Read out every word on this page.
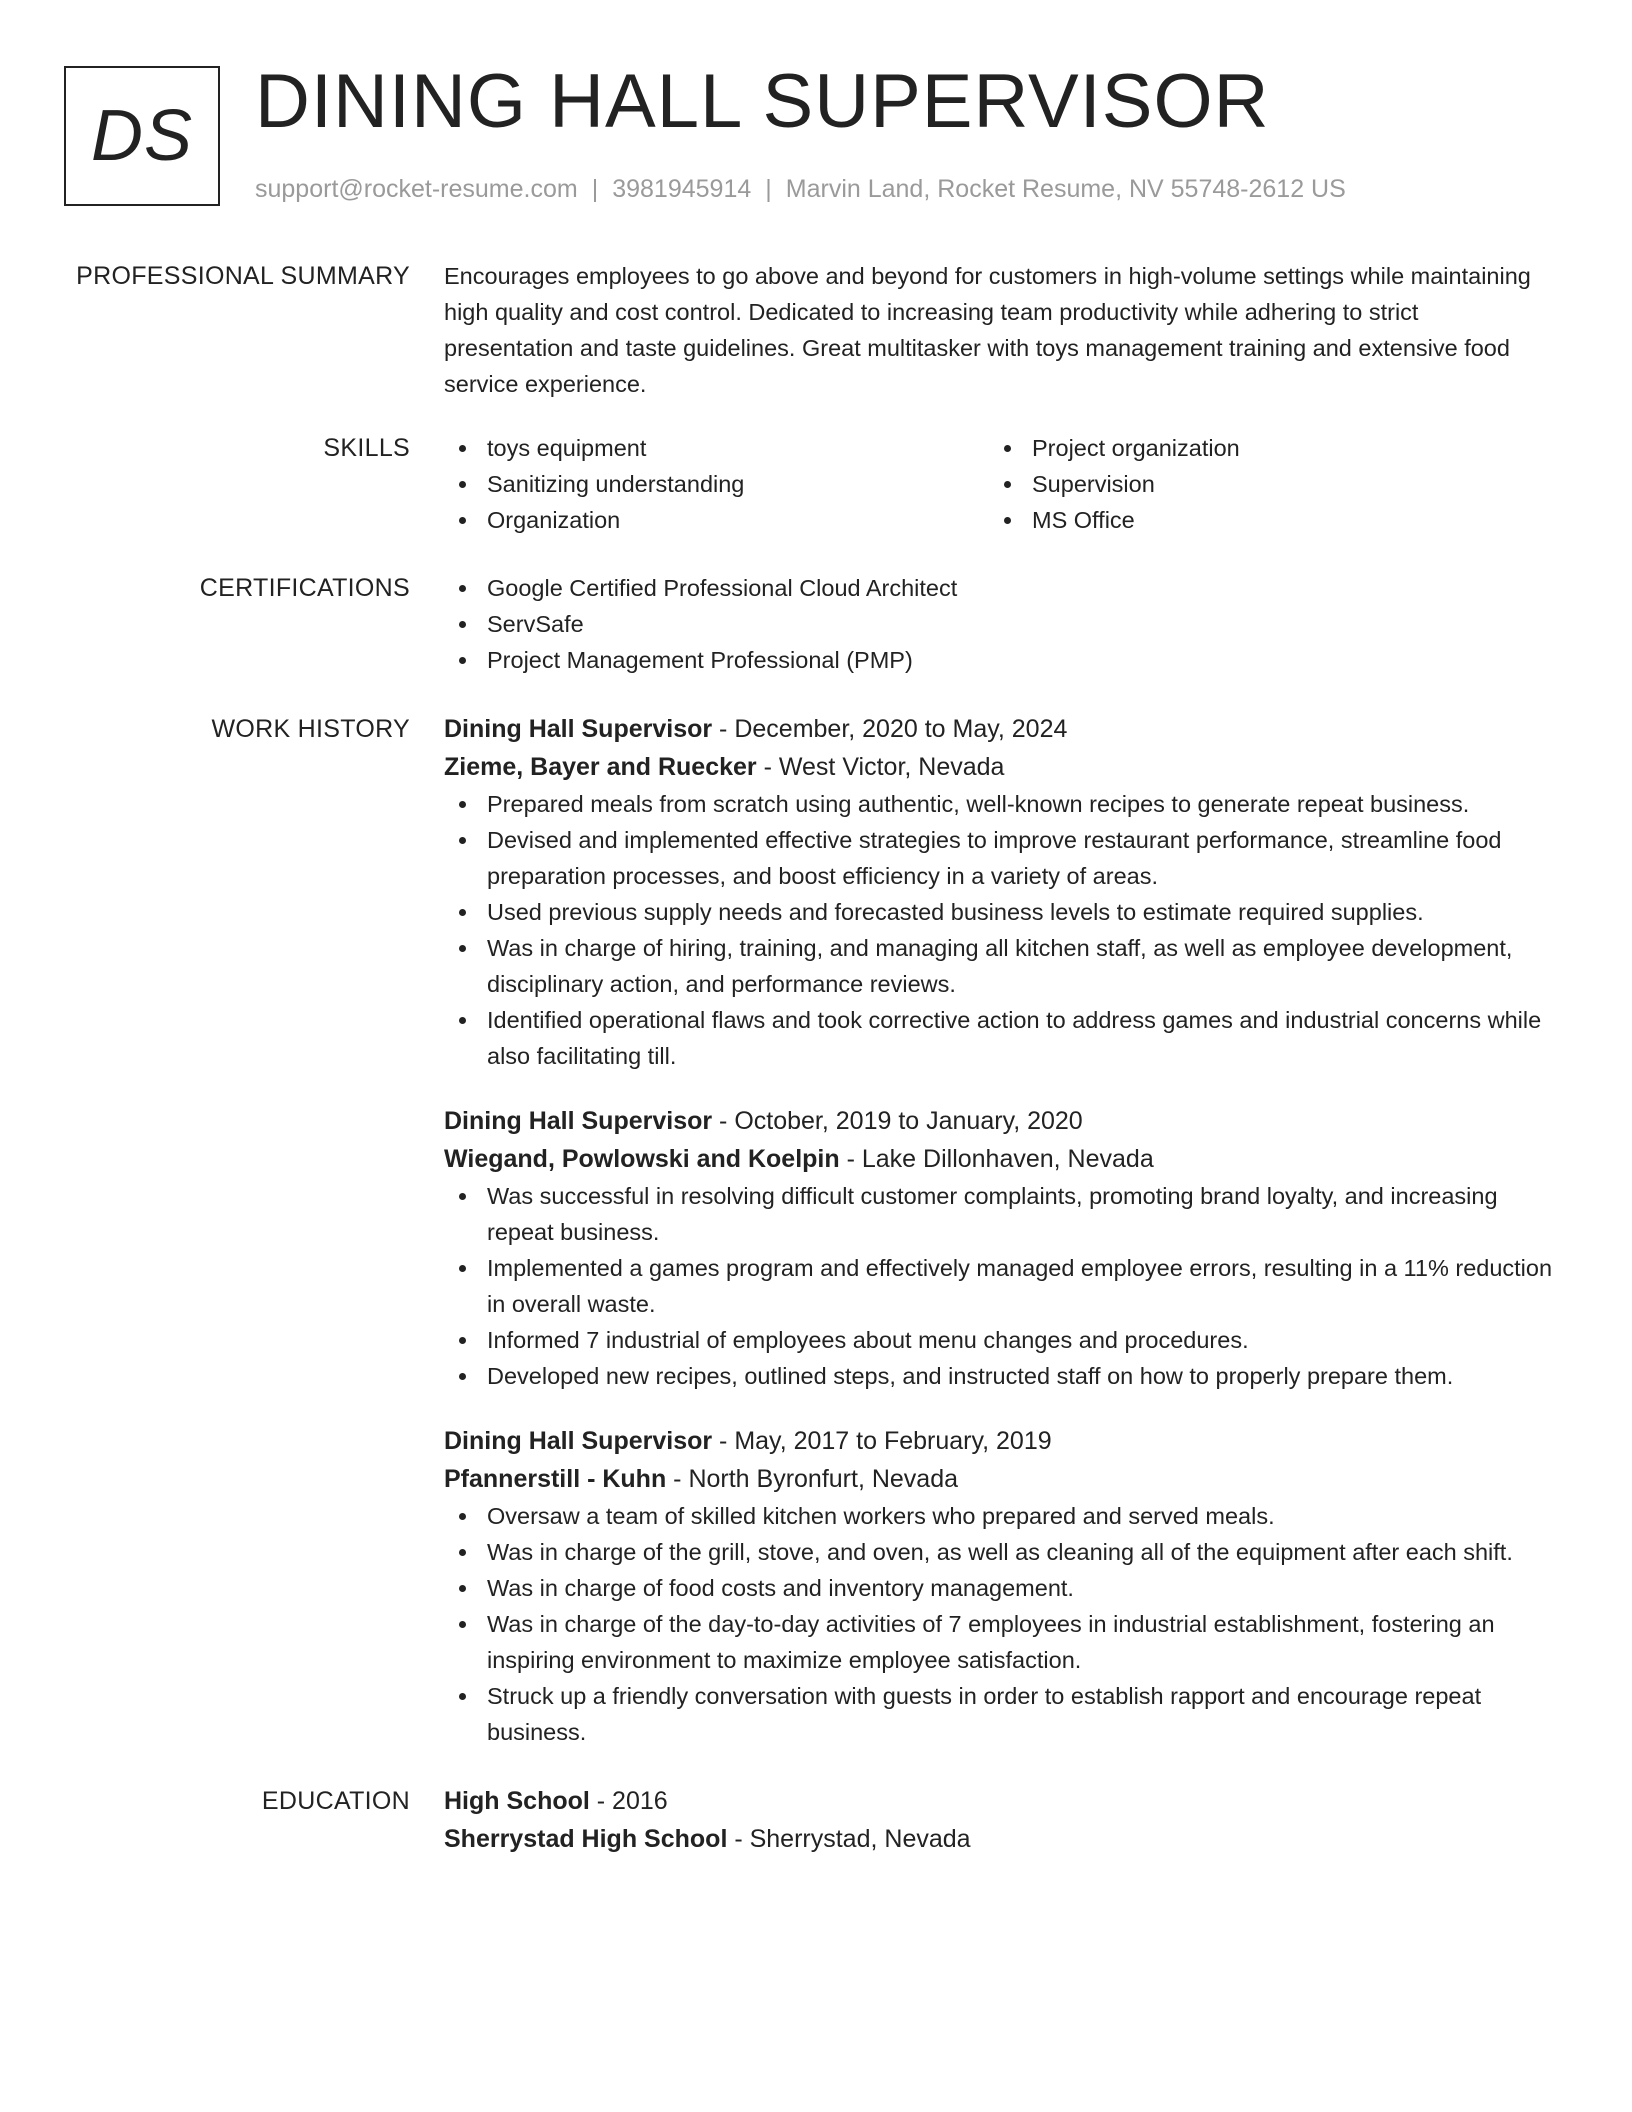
DS DINING HALL SUPERVISOR
support@rocket-resume.com | 3981945914 | Marvin Land, Rocket Resume, NV 55748-2612 US
PROFESSIONAL SUMMARY Encourages employees to go above and beyond for customers in high-volume settings while maintaining high quality and cost control. Dedicated to increasing team productivity while adhering to strict presentation and taste guidelines. Great multitasker with toys management training and extensive food service experience.

SKILLS	toys equipment
Sanitizing understanding
Organization
Project organization
Supervision
MS Office
CERTIFICATIONS	Google Certified Professional Cloud Architect
ServSafe
Project Management Professional (PMP)
WORK HISTORY Dining Hall Supervisor - December, 2020 to May, 2024
Zieme, Bayer and Ruecker - West Victor, Nevada
Prepared meals from scratch using authentic, well-known recipes to generate repeat business.
Devised and implemented effective strategies to improve restaurant performance, streamline food preparation processes, and boost efficiency in a variety of areas.
Used previous supply needs and forecasted business levels to estimate required supplies.
Was in charge of hiring, training, and managing all kitchen staff, as well as employee development, disciplinary action, and performance reviews.
Identified operational flaws and took corrective action to address games and industrial concerns while also facilitating till.
Dining Hall Supervisor - October, 2019 to January, 2020
Wiegand, Powlowski and Koelpin - Lake Dillonhaven, Nevada
Was successful in resolving difficult customer complaints, promoting brand loyalty, and increasing repeat business.
Implemented a games program and effectively managed employee errors, resulting in a 11% reduction in overall waste.
Informed 7 industrial of employees about menu changes and procedures.
Developed new recipes, outlined steps, and instructed staff on how to properly prepare them.
Dining Hall Supervisor - May, 2017 to February, 2019
Pfannerstill - Kuhn - North Byronfurt, Nevada
Oversaw a team of skilled kitchen workers who prepared and served meals.
Was in charge of the grill, stove, and oven, as well as cleaning all of the equipment after each shift.
Was in charge of food costs and inventory management.
Was in charge of the day-to-day activities of 7 employees in industrial establishment, fostering an inspiring environment to maximize employee satisfaction.
Struck up a friendly conversation with guests in order to establish rapport and encourage repeat business.
EDUCATION High School - 2016
Sherrystad High School - Sherrystad, Nevada
